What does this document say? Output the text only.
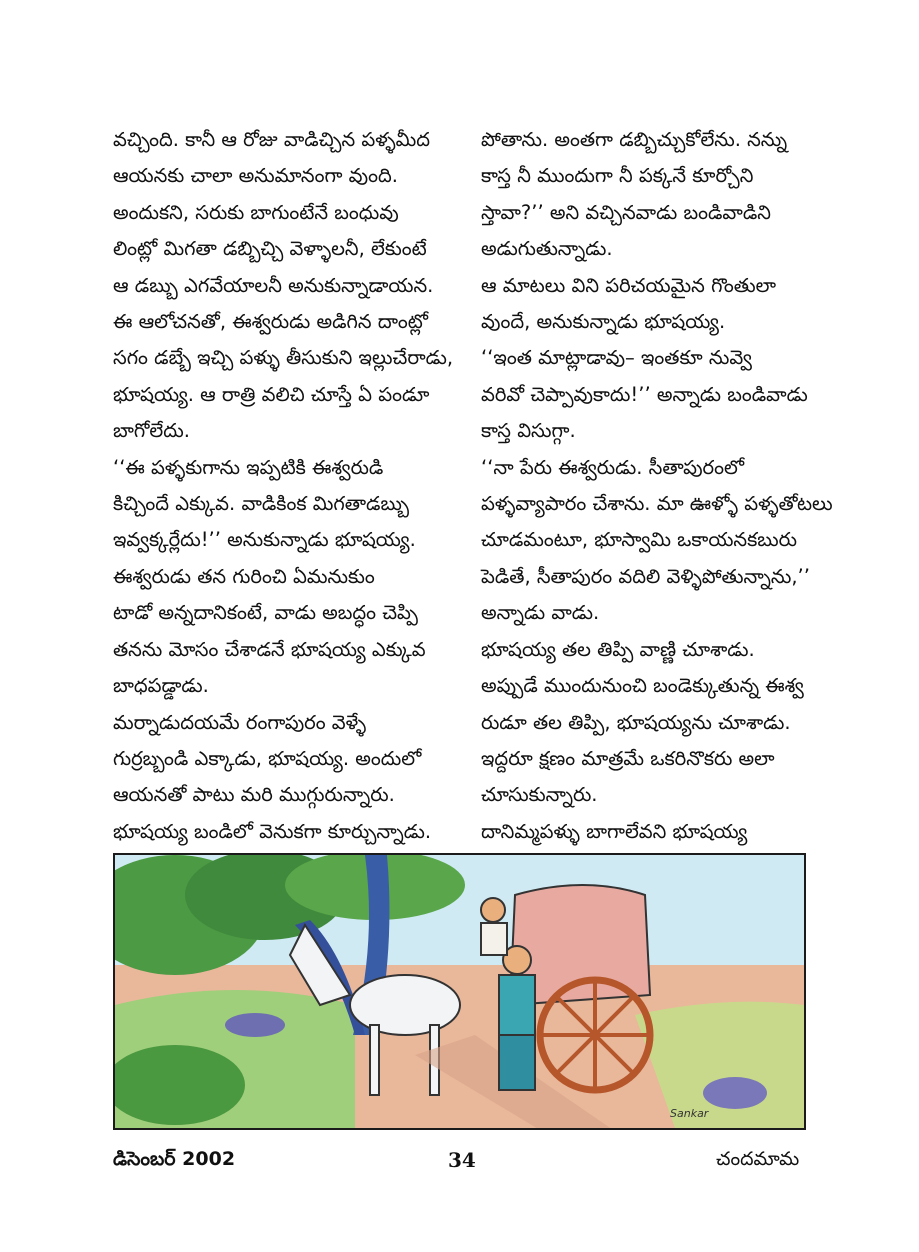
వచ్చింది. కానీ ఆ రోజు వాడిచ్చిన పళ్ళమీద
ఆయనకు చాలా అనుమానంగా వుంది.
అందుకని, సరుకు బాగుంటేనే బంధువు
లింట్లో మిగతా డబ్బిచ్చి వెళ్ళాలనీ, లేకుంటే
ఆ డబ్బు ఎగవేయాలనీ అనుకున్నాడాయన.
ఈ ఆలోచనతో, ఈశ్వరుడు అడిగిన దాంట్లో
సగం డబ్బే ఇచ్చి పళ్ళు తీసుకుని ఇల్లుచేరాడు,
భూషయ్య. ఆ రాత్రి వలిచి చూస్తే ఏ పండూ
బాగోలేదు.

‘‘ఈ పళ్ళకుగాను ఇప్పటికి ఈశ్వరుడి
కిచ్చిందే ఎక్కువ. వాడికింక మిగతాడబ్బు
ఇవ్వక్కర్లేదు!’’ అనుకున్నాడు భూషయ్య.

ఈశ్వరుడు తన గురించి ఏమనుకుం
టాడో అన్నదానికంటే, వాడు అబద్ధం చెప్పి
తనను మోసం చేశాడనే భూషయ్య ఎక్కువ
బాధపడ్డాడు.

మర్నాడుదయమే రంగాపురం వెళ్ళే
గుర్రబ్బండి ఎక్కాడు, భూషయ్య. అందులో
ఆయనతో పాటు మరి ముగ్గురున్నారు.
భూషయ్య బండిలో వెనుకగా కూర్చున్నాడు.

పోతాను. అంతగా డబ్బిచ్చుకోలేను. నన్ను
కాస్త నీ ముందుగా నీ పక్కనే కూర్చోని
స్తావా?’’ అని వచ్చినవాడు బండివాడిని
అడుగుతున్నాడు.

ఆ మాటలు విని పరిచయమైన గొంతులా
వుందే, అనుకున్నాడు భూషయ్య.

‘‘ఇంత మాట్లాడావు– ఇంతకూ నువ్వె
వరివో చెప్పావుకాదు!’’ అన్నాడు బండివాడు
కాస్త విసుగ్గా.

‘‘నా పేరు ఈశ్వరుడు. సీతాపురంలో
పళ్ళవ్యాపారం చేశాను. మా ఊళ్ళో పళ్ళతోటలు
చూడమంటూ, భూస్వామి ఒకాయనకబురు
పెడితే, సీతాపురం వదిలి వెళ్ళిపోతున్నాను,’’
అన్నాడు వాడు.

భూషయ్య తల తిప్పి వాణ్ణి చూశాడు.
అప్పుడే ముందునుంచి బండెక్కుతున్న ఈశ్వ
రుడూ తల తిప్పి, భూషయ్యను చూశాడు.
ఇద్దరూ క్షణం మాత్రమే ఒకరినొకరు అలా
చూసుకున్నారు.

దానిమ్మపళ్ళు బాగాలేవని భూషయ్య

Sankar
డిసెంబర్ 2002	34	చందమామ
